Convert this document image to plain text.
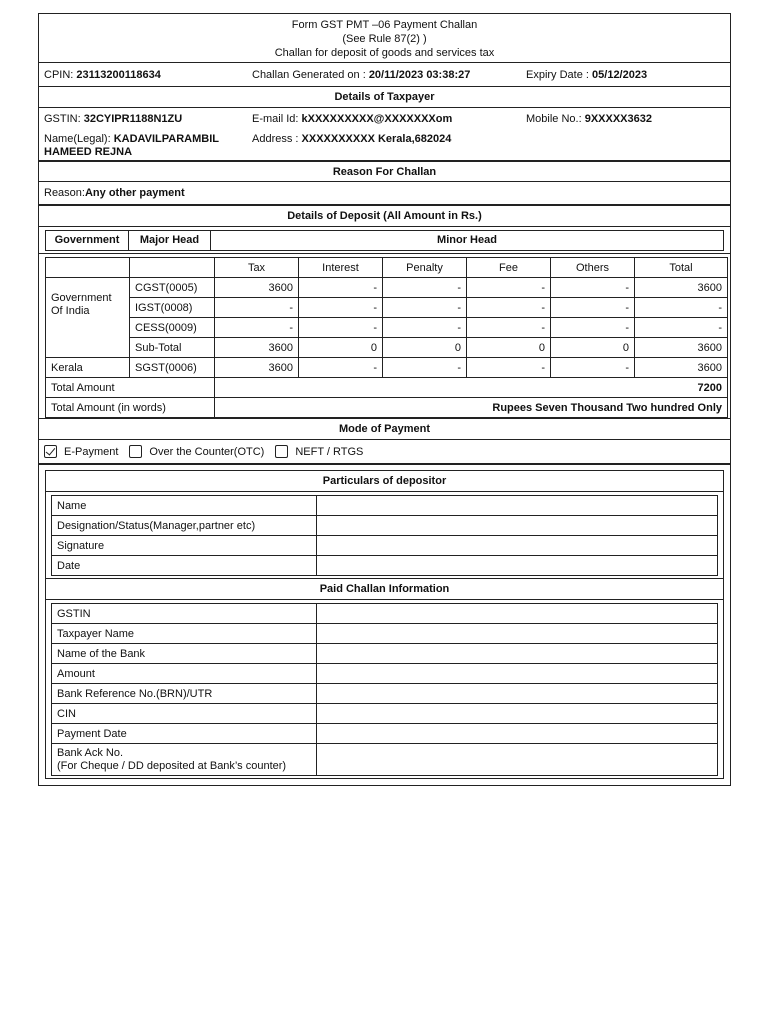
Form GST PMT –06 Payment Challan
(See Rule 87(2) )
Challan for deposit of goods and services tax
CPIN: 23113200118634	Challan Generated on : 20/11/2023 03:38:27	Expiry Date : 05/12/2023
Details of Taxpayer
GSTIN: 32CYIPR1188N1ZU	E-mail Id: kXXXXXXXXX@XXXXXXXom	Mobile No.: 9XXXXX3632
Name(Legal): KADAVILPARAMBIL
HAMEED REJNA
Address : XXXXXXXXXX Kerala,682024
Reason For Challan
Reason: Any other payment
Details of Deposit (All Amount in Rs.)
Government	Major Head	Minor Head
		Tax	Interest	Penalty	Fee	Others	Total
Government Of India	CGST(0005)	3600	-	-	-	-	3600
	IGST(0008)	-	-	-	-	-	-
	CESS(0009)	-	-	-	-	-	-
	Sub-Total	3600	0	0	0	0	3600
Kerala	SGST(0006)	3600	-	-	-	-	3600
Total Amount		7200					
Total Amount (in words)		Rupees Seven Thousand Two hundred Only					
Mode of Payment
E-Payment	Over the Counter(OTC)	NEFT / RTGS
Particulars of depositor
Name	
Designation/Status(Manager,partner etc)	
Signature	
Date	
Paid Challan Information
GSTIN	
Taxpayer Name	
Name of the Bank	
Amount	
Bank Reference No.(BRN)/UTR	
CIN	
Payment Date	
Bank Ack No.
(For Cheque / DD deposited at Bank’s counter)	
